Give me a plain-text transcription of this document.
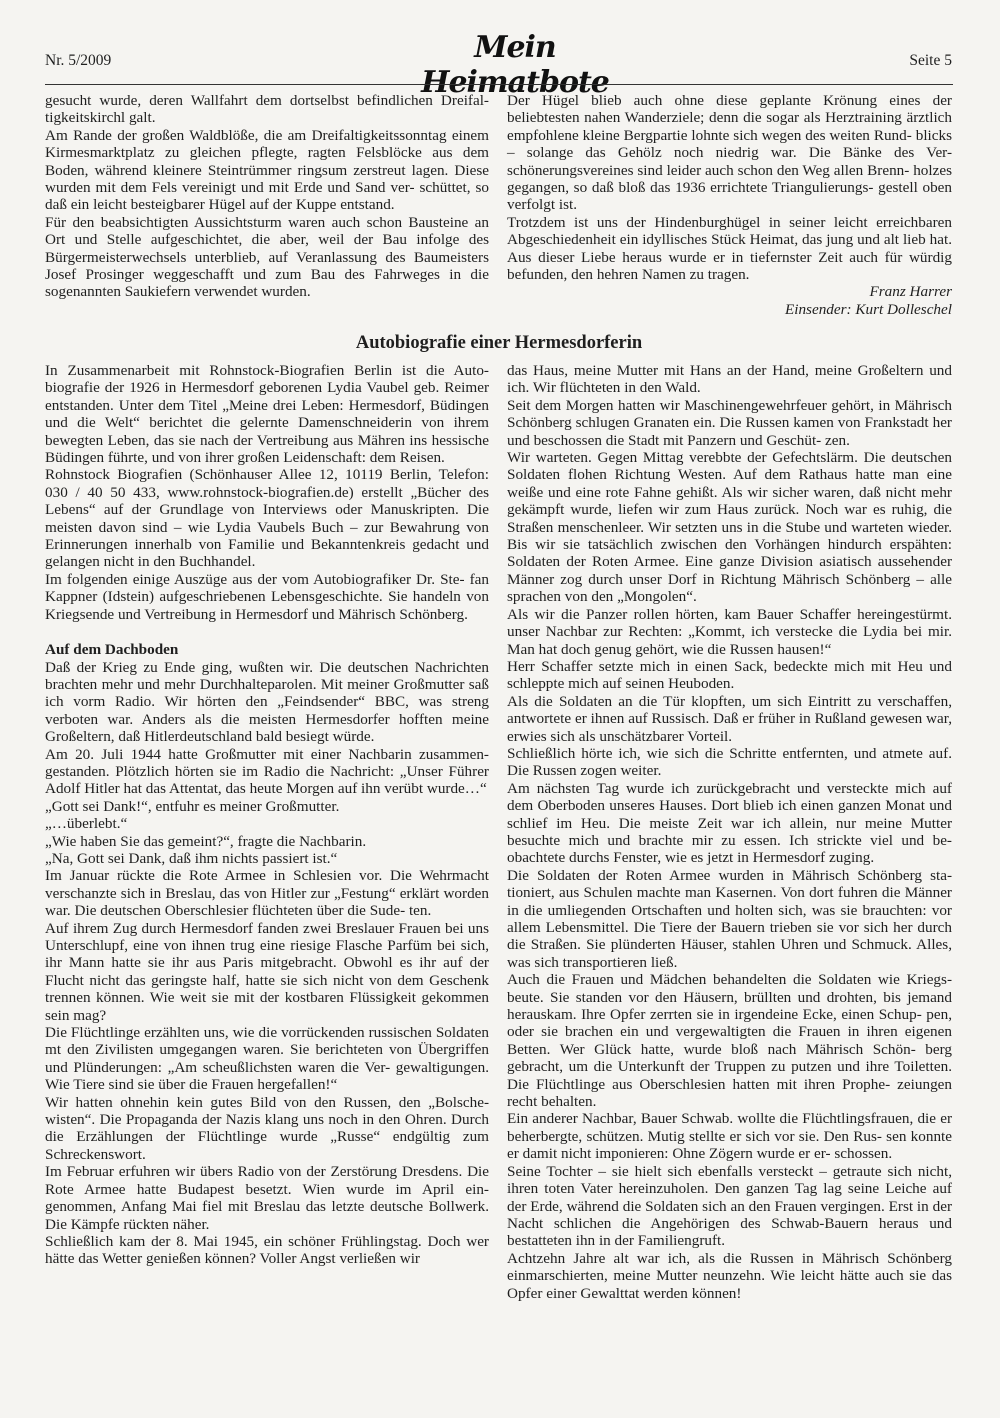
Nr. 5/2009	Mein Heimatbote
Seite 5

gesucht wurde, deren Wallfahrt dem dortselbst befindlichen Dreifal- tigkeitskirchl galt.

Am Rande der großen Waldblöße, die am Dreifaltigkeitssonntag einem Kirmesmarktplatz zu gleichen pflegte, ragten Felsblöcke aus dem Boden, während kleinere Steintrümmer ringsum zerstreut lagen. Diese wurden mit dem Fels vereinigt und mit Erde und Sand ver- schüttet, so daß ein leicht besteigbarer Hügel auf der Kuppe entstand.

Für den beabsichtigten Aussichtsturm waren auch schon Bausteine an Ort und Stelle aufgeschichtet, die aber, weil der Bau infolge des Bürgermeisterwechsels unterblieb, auf Veranlassung des Baumeisters Josef Prosinger weggeschafft und zum Bau des Fahrweges in die sogenannten Saukiefern verwendet wurden.

Der Hügel blieb auch ohne diese geplante Krönung eines der beliebtesten nahen Wanderziele; denn die sogar als Herztraining ärztlich empfohlene kleine Bergpartie lohnte sich wegen des weiten Rund- blicks – solange das Gehölz noch niedrig war. Die Bänke des Ver- schönerungsvereines sind leider auch schon den Weg allen Brenn- holzes gegangen, so daß bloß das 1936 errichtete Triangulierungs- gestell oben verfolgt ist.

Trotzdem ist uns der Hindenburghügel in seiner leicht erreichbaren Abgeschiedenheit ein idyllisches Stück Heimat, das jung und alt lieb hat. Aus dieser Liebe heraus wurde er in tiefernster Zeit auch für würdig befunden, den hehren Namen zu tragen.

Franz Harrer

Einsender: Kurt Dolleschel

Autobiografie einer Hermesdorferin

In Zusammenarbeit mit Rohnstock-Biografien Berlin ist die Auto- biografie der 1926 in Hermesdorf geborenen Lydia Vaubel geb. Reimer entstanden. Unter dem Titel „Meine drei Leben: Hermesdorf, Büdingen und die Welt“ berichtet die gelernte Damenschneiderin von ihrem bewegten Leben, das sie nach der Vertreibung aus Mähren ins hessische Büdingen führte, und von ihrer großen Leidenschaft: dem Reisen.

Rohnstock Biografien (Schönhauser Allee 12, 10119 Berlin, Telefon: 030 / 40 50 433, www.rohnstock-biografien.de) erstellt „Bücher des Lebens“ auf der Grundlage von Interviews oder Manuskripten. Die meisten davon sind – wie Lydia Vaubels Buch – zur Bewahrung von Erinnerungen innerhalb von Familie und Bekanntenkreis gedacht und gelangen nicht in den Buchhandel.

Im folgenden einige Auszüge aus der vom Autobiografiker Dr. Ste- fan Kappner (Idstein) aufgeschriebenen Lebensgeschichte. Sie handeln von Kriegsende und Vertreibung in Hermesdorf und Mährisch Schönberg.

Auf dem Dachboden

Daß der Krieg zu Ende ging, wußten wir. Die deutschen Nachrichten brachten mehr und mehr Durchhalteparolen. Mit meiner Großmutter saß ich vorm Radio. Wir hörten den „Feindsender“ BBC, was streng verboten war. Anders als die meisten Hermesdorfer hofften meine Großeltern, daß Hitlerdeutschland bald besiegt würde.

Am 20. Juli 1944 hatte Großmutter mit einer Nachbarin zusammen- gestanden. Plötzlich hörten sie im Radio die Nachricht: „Unser Führer Adolf Hitler hat das Attentat, das heute Morgen auf ihn verübt wurde…“

„Gott sei Dank!“, entfuhr es meiner Großmutter.

„…überlebt.“

„Wie haben Sie das gemeint?“, fragte die Nachbarin.

„Na, Gott sei Dank, daß ihm nichts passiert ist.“

Im Januar rückte die Rote Armee in Schlesien vor. Die Wehrmacht verschanzte sich in Breslau, das von Hitler zur „Festung“ erklärt worden war. Die deutschen Oberschlesier flüchteten über die Sude- ten.

Auf ihrem Zug durch Hermesdorf fanden zwei Breslauer Frauen bei uns Unterschlupf, eine von ihnen trug eine riesige Flasche Parfüm bei sich, ihr Mann hatte sie ihr aus Paris mitgebracht. Obwohl es ihr auf der Flucht nicht das geringste half, hatte sie sich nicht von dem Geschenk trennen können. Wie weit sie mit der kostbaren Flüssigkeit gekommen sein mag?

Die Flüchtlinge erzählten uns, wie die vorrückenden russischen Soldaten mt den Zivilisten umgegangen waren. Sie berichteten von Übergriffen und Plünderungen: „Am scheußlichsten waren die Ver- gewaltigungen. Wie Tiere sind sie über die Frauen hergefallen!“

Wir hatten ohnehin kein gutes Bild von den Russen, den „Bolsche- wisten“. Die Propaganda der Nazis klang uns noch in den Ohren. Durch die Erzählungen der Flüchtlinge wurde „Russe“ endgültig zum Schreckenswort.

Im Februar erfuhren wir übers Radio von der Zerstörung Dresdens. Die Rote Armee hatte Budapest besetzt. Wien wurde im April ein- genommen, Anfang Mai fiel mit Breslau das letzte deutsche Bollwerk. Die Kämpfe rückten näher.

Schließlich kam der 8. Mai 1945, ein schöner Frühlingstag. Doch wer hätte das Wetter genießen können? Voller Angst verließen wir

das Haus, meine Mutter mit Hans an der Hand, meine Großeltern und ich. Wir flüchteten in den Wald.

Seit dem Morgen hatten wir Maschinengewehrfeuer gehört, in Mährisch Schönberg schlugen Granaten ein. Die Russen kamen von Frankstadt her und beschossen die Stadt mit Panzern und Geschüt- zen.

Wir warteten. Gegen Mittag verebbte der Gefechtslärm. Die deutschen Soldaten flohen Richtung Westen. Auf dem Rathaus hatte man eine weiße und eine rote Fahne gehißt. Als wir sicher waren, daß nicht mehr gekämpft wurde, liefen wir zum Haus zurück. Noch war es ruhig, die Straßen menschenleer. Wir setzten uns in die Stube und warteten wieder. Bis wir sie tatsächlich zwischen den Vorhängen hindurch erspähten: Soldaten der Roten Armee. Eine ganze Division asiatisch aussehender Männer zog durch unser Dorf in Richtung Mährisch Schönberg – alle sprachen von den „Mongolen“.

Als wir die Panzer rollen hörten, kam Bauer Schaffer hereingestürmt. unser Nachbar zur Rechten: „Kommt, ich verstecke die Lydia bei mir. Man hat doch genug gehört, wie die Russen hausen!“

Herr Schaffer setzte mich in einen Sack, bedeckte mich mit Heu und schleppte mich auf seinen Heuboden.

Als die Soldaten an die Tür klopften, um sich Eintritt zu verschaffen, antwortete er ihnen auf Russisch. Daß er früher in Rußland gewesen war, erwies sich als unschätzbarer Vorteil.

Schließlich hörte ich, wie sich die Schritte entfernten, und atmete auf. Die Russen zogen weiter.

Am nächsten Tag wurde ich zurückgebracht und versteckte mich auf dem Oberboden unseres Hauses. Dort blieb ich einen ganzen Monat und schlief im Heu. Die meiste Zeit war ich allein, nur meine Mutter besuchte mich und brachte mir zu essen. Ich strickte viel und be- obachtete durchs Fenster, wie es jetzt in Hermesdorf zuging.

Die Soldaten der Roten Armee wurden in Mährisch Schönberg sta- tioniert, aus Schulen machte man Kasernen. Von dort fuhren die Männer in die umliegenden Ortschaften und holten sich, was sie brauchten: vor allem Lebensmittel. Die Tiere der Bauern trieben sie vor sich her durch die Straßen. Sie plünderten Häuser, stahlen Uhren und Schmuck. Alles, was sich transportieren ließ.

Auch die Frauen und Mädchen behandelten die Soldaten wie Kriegs- beute. Sie standen vor den Häusern, brüllten und drohten, bis jemand herauskam. Ihre Opfer zerrten sie in irgendeine Ecke, einen Schup- pen, oder sie brachen ein und vergewaltigten die Frauen in ihren eigenen Betten. Wer Glück hatte, wurde bloß nach Mährisch Schön- berg gebracht, um die Unterkunft der Truppen zu putzen und ihre Toiletten. Die Flüchtlinge aus Oberschlesien hatten mit ihren Prophe- zeiungen recht behalten.

Ein anderer Nachbar, Bauer Schwab. wollte die Flüchtlingsfrauen, die er beherbergte, schützen. Mutig stellte er sich vor sie. Den Rus- sen konnte er damit nicht imponieren: Ohne Zögern wurde er er- schossen.

Seine Tochter – sie hielt sich ebenfalls versteckt – getraute sich nicht, ihren toten Vater hereinzuholen. Den ganzen Tag lag seine Leiche auf der Erde, während die Soldaten sich an den Frauen vergingen. Erst in der Nacht schlichen die Angehörigen des Schwab-Bauern heraus und bestatteten ihn in der Familiengruft.

Achtzehn Jahre alt war ich, als die Russen in Mährisch Schönberg einmarschierten, meine Mutter neunzehn. Wie leicht hätte auch sie das Opfer einer Gewalttat werden können!
